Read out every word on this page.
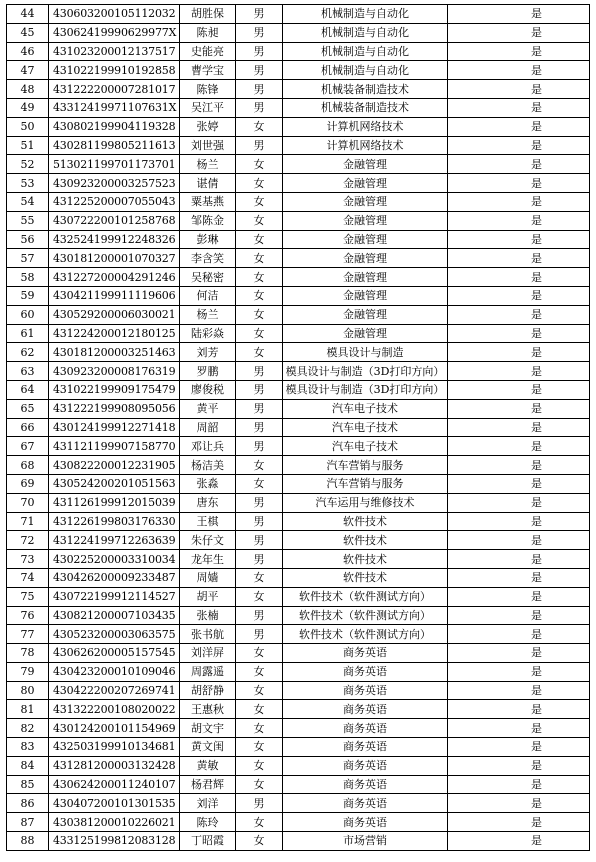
44	430603200105112032	胡胜保	男	机械制造与自动化	是
45	43062419990629977X	陈昶	男	机械制造与自动化	是
46	431023200012137517	史能亮	男	机械制造与自动化	是
47	431022199910192858	曹学宝	男	机械制造与自动化	是
48	431222200007281017	陈锋	男	机械装备制造技术	是
49	43312419971107631X	吴江平	男	机械装备制造技术	是
50	430802199904119328	张婷	女	计算机网络技术	是
51	430281199805211613	刘世强	男	计算机网络技术	是
52	513021199701173701	杨兰	女	金融管理	是
53	430923200003257523	谌倩	女	金融管理	是
54	431225200007055043	粟基燕	女	金融管理	是
55	430722200101258768	邹陈金	女	金融管理	是
56	432524199912248326	彭琳	女	金融管理	是
57	430181200001070327	李含笑	女	金融管理	是
58	431227200004291246	吴秘密	女	金融管理	是
59	430421199911119606	何洁	女	金融管理	是
60	430529200006030021	杨兰	女	金融管理	是
61	431224200012180125	陆彩焱	女	金融管理	是
62	430181200003251463	刘芳	女	模具设计与制造	是
63	430923200008176319	罗鹏	男	模具设计与制造（3D打印方向）	是
64	431022199909175479	廖俊税	男	模具设计与制造（3D打印方向）	是
65	431222199908095056	黄平	男	汽车电子技术	是
66	430124199912271418	周韶	男	汽车电子技术	是
67	431121199907158770	邓让兵	男	汽车电子技术	是
68	430822200012231905	杨洁美	女	汽车营销与服务	是
69	430524200201051563	张淼	女	汽车营销与服务	是
70	431126199912015039	唐东	男	汽车运用与维修技术	是
71	431226199803176330	王棋	男	软件技术	是
72	431224199712263639	朱仔文	男	软件技术	是
73	430225200003310034	龙年生	男	软件技术	是
74	430426200009233487	周嫱	女	软件技术	是
75	430722199912114527	胡平	女	软件技术（软件测试方向）	是
76	430821200007103435	张楠	男	软件技术（软件测试方向）	是
77	430523200003063575	张书航	男	软件技术（软件测试方向）	是
78	430626200005157545	刘洋屏	女	商务英语	是
79	430423200010109046	周露遥	女	商务英语	是
80	430422200207269741	胡舒静	女	商务英语	是
81	431322200108020022	王惠秋	女	商务英语	是
82	430124200101154969	胡文宇	女	商务英语	是
83	432503199910134681	黄文闺	女	商务英语	是
84	431281200003132428	黄敏	女	商务英语	是
85	430624200011240107	杨君辉	女	商务英语	是
86	430407200101301535	刘洋	男	商务英语	是
87	430381200010226021	陈玲	女	商务英语	是
88	433125199812083128	丁昭霞	女	市场营销	是
